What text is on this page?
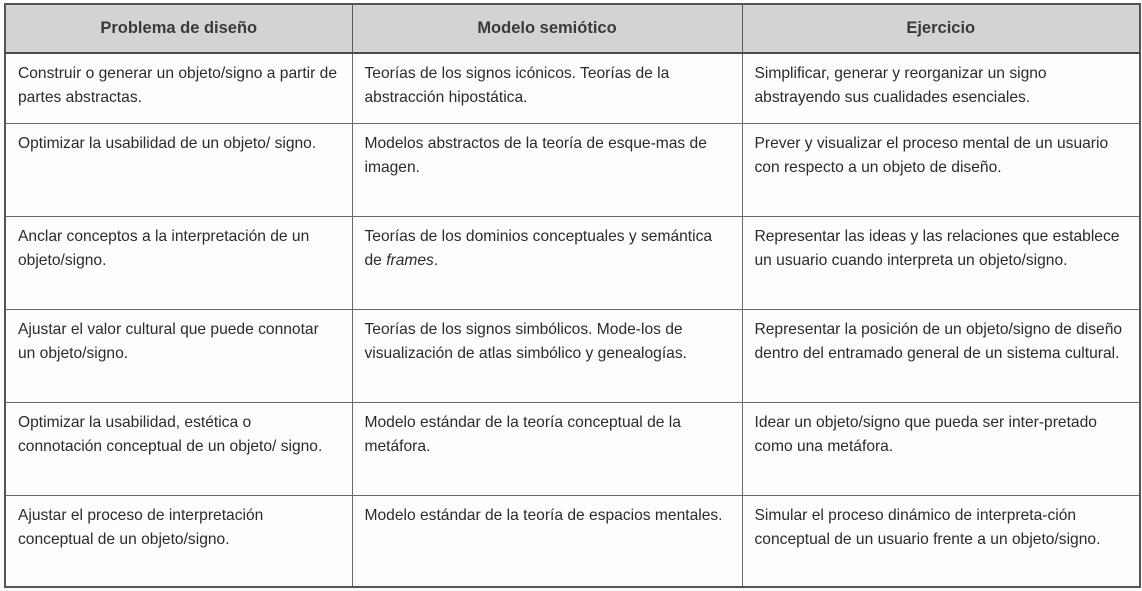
Problema de diseño	Modelo semiótico	Ejercicio
Construir o generar un objeto/signo a partir de partes abstractas.	Teorías de los signos icónicos. Teorías de la abstracción hipostática.	Simplificar, generar y reorganizar un signo abstrayendo sus cualidades esenciales.
Optimizar la usabilidad de un objeto/ signo.	Modelos abstractos de la teoría de esque-mas de imagen.	Prever y visualizar el proceso mental de un usuario con respecto a un objeto de diseño.
Anclar conceptos a la interpretación de un objeto/signo.	Teorías de los dominios conceptuales y semántica de frames.	Representar las ideas y las relaciones que establece un usuario cuando interpreta un objeto/signo.
Ajustar el valor cultural que puede connotar un objeto/signo.	Teorías de los signos simbólicos. Mode-los de visualización de atlas simbólico y genealogías.	Representar la posición de un objeto/signo de diseño dentro del entramado general de un sistema cultural.
Optimizar la usabilidad, estética o connotación conceptual de un objeto/ signo.	Modelo estándar de la teoría conceptual de la metáfora.	Idear un objeto/signo que pueda ser inter-pretado como una metáfora.
Ajustar el proceso de interpretación conceptual de un objeto/signo.	Modelo estándar de la teoría de espacios mentales.	Simular el proceso dinámico de interpreta-ción conceptual de un usuario frente a un objeto/signo.
